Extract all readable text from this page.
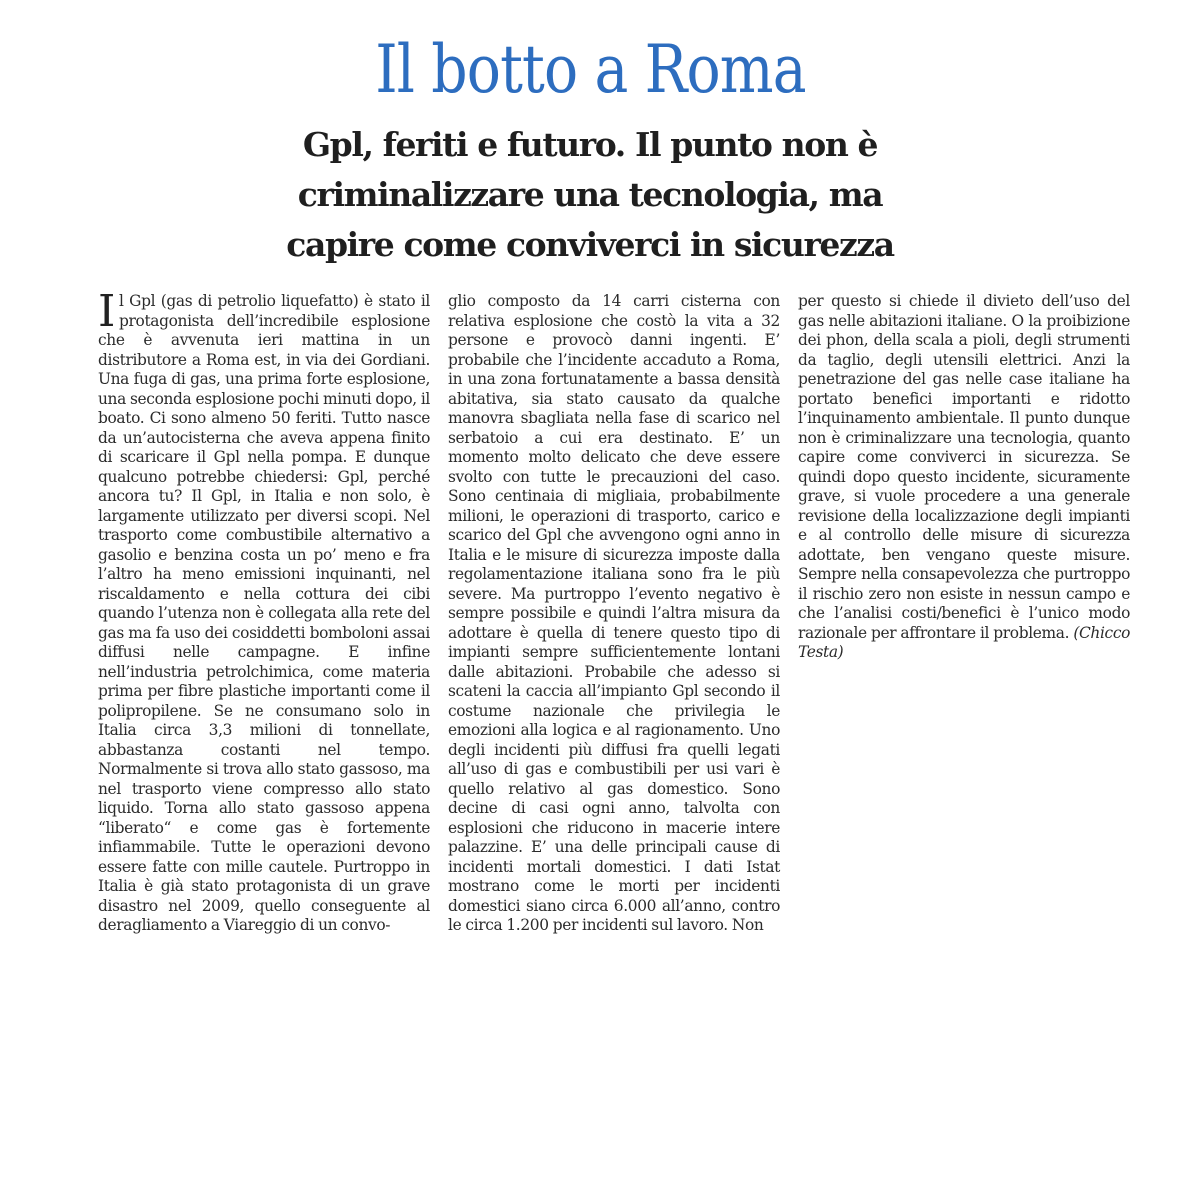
Il botto a Roma
Gpl, feriti e futuro. Il punto non è criminalizzare una tecnologia, ma capire come conviverci in sicurezza

I l Gpl (gas di petrolio liquefatto) è stato il protagonista dell’incredibile esplosione che è avvenuta ieri mattina in un distributore a Roma est, in via dei Gordiani. Una fuga di gas, una prima forte esplosione, una seconda esplosione pochi minuti dopo, il boato. Ci sono almeno 50 feriti. Tutto nasce da un’autocisterna che aveva appena finito di scaricare il Gpl nella pompa. E dunque qualcuno potrebbe chiedersi: Gpl, perché ancora tu? Il Gpl, in Italia e non solo, è largamente utilizzato per diversi scopi. Nel trasporto come combustibile alternativo a gasolio e benzina costa un po’ meno e fra l’altro ha meno emissioni inquinanti, nel riscaldamento e nella cottura dei cibi quando l’utenza non è collegata alla rete del gas ma fa uso dei cosiddetti bomboloni assai diffusi nelle campagne. E infine nell’industria petrolchimica, come materia prima per fibre plastiche importanti come il polipropilene. Se ne consumano solo in Italia circa 3,3 milioni di tonnellate, abbastanza costanti nel tempo. Normalmente si trova allo stato gassoso, ma nel trasporto viene compresso allo stato liquido. Torna allo stato gassoso appena “liberato“ e come gas è fortemente infiammabile. Tutte le operazioni devono essere fatte con mille cautele. Purtroppo in Italia è già stato protagonista di un grave disastro nel 2009, quello conseguente al deragliamento a Viareggio di un convo-

glio composto da 14 carri cisterna con relativa esplosione che costò la vita a 32 persone e provocò danni ingenti. E’ probabile che l’incidente accaduto a Roma, in una zona fortunatamente a bassa densità abitativa, sia stato causato da qualche manovra sbagliata nella fase di scarico nel serbatoio a cui era destinato. E’ un momento molto delicato che deve essere svolto con tutte le precauzioni del caso. Sono centinaia di migliaia, probabilmente milioni, le operazioni di trasporto, carico e scarico del Gpl che avvengono ogni anno in Italia e le misure di sicurezza imposte dalla regolamentazione italiana sono fra le più severe. Ma purtroppo l’evento negativo è sempre possibile e quindi l’altra misura da adottare è quella di tenere questo tipo di impianti sempre sufficientemente lontani dalle abitazioni. Probabile che adesso si scateni la caccia all’impianto Gpl secondo il costume nazionale che privilegia le emozioni alla logica e al ragionamento. Uno degli incidenti più diffusi fra quelli legati all’uso di gas e combustibili per usi vari è quello relativo al gas domestico. Sono decine di casi ogni anno, talvolta con esplosioni che riducono in macerie intere palazzine. E’ una delle principali cause di incidenti mortali domestici. I dati Istat mostrano come le morti per incidenti domestici siano circa 6.000 all’anno, contro le circa 1.200 per incidenti sul lavoro. Non

per questo si chiede il divieto dell’uso del gas nelle abitazioni italiane. O la proibizione dei phon, della scala a pioli, degli strumenti da taglio, degli utensili elettrici. Anzi la penetrazione del gas nelle case italiane ha portato benefici importanti e ridotto l’inquinamento ambientale. Il punto dunque non è criminalizzare una tecnologia, quanto capire come conviverci in sicurezza. Se quindi dopo questo incidente, sicuramente grave, si vuole procedere a una generale revisione della localizzazione degli impianti e al controllo delle misure di sicurezza adottate, ben vengano queste misure. Sempre nella consapevolezza che purtroppo il rischio zero non esiste in nessun campo e che l’analisi costi/benefici è l’unico modo razionale per affrontare il problema. (Chicco Testa)
